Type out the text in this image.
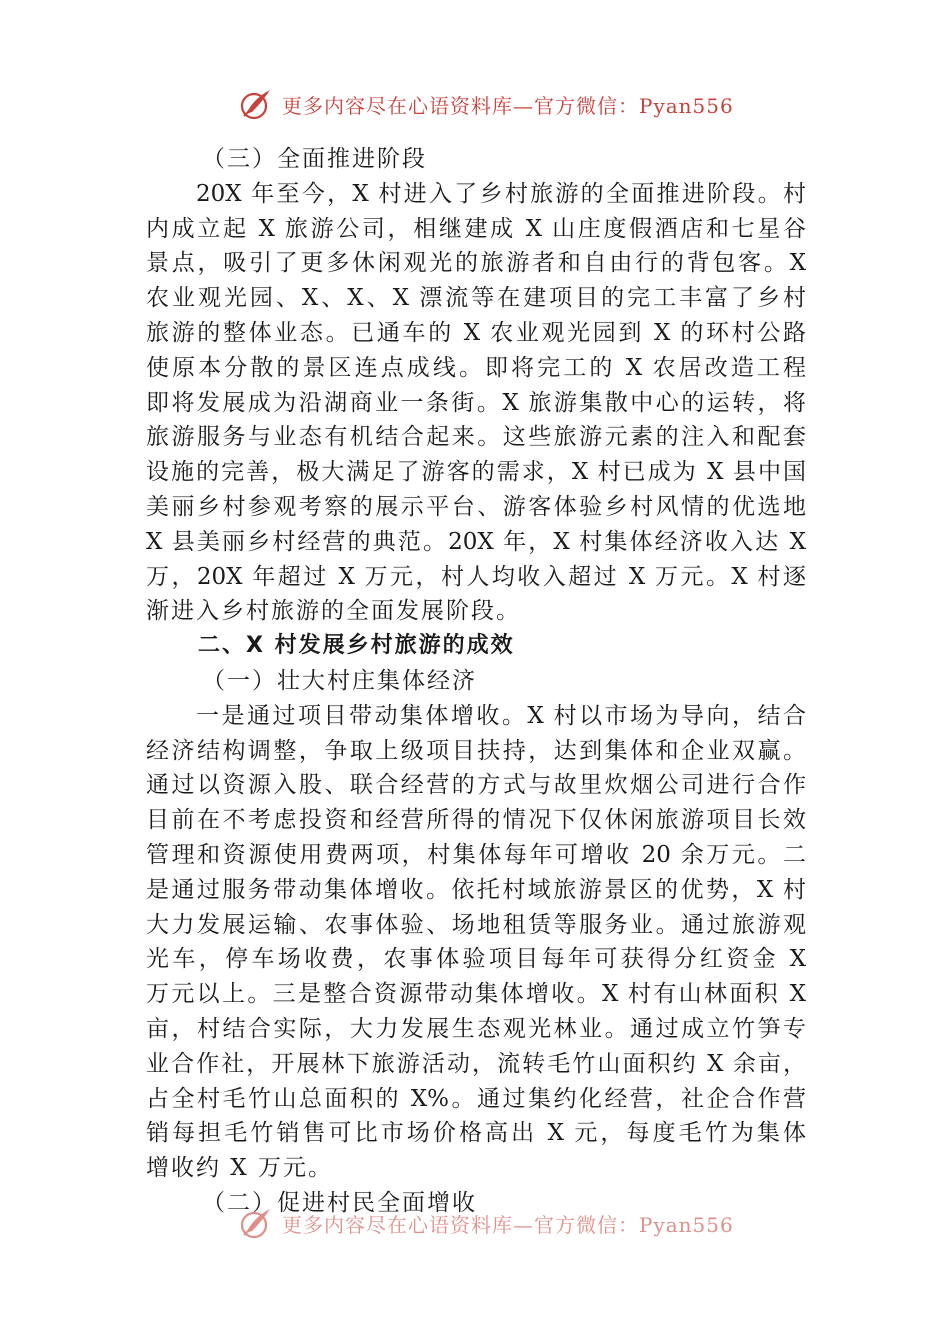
更多内容尽在心语资料库—官方微信：Pyan556
（三）全面推进阶段
20X 年至今，X 村进入了乡村旅游的全面推进阶段。村
内成立起 X 旅游公司，相继建成 X 山庄度假酒店和七星谷
景点，吸引了更多休闲观光的旅游者和自由行的背包客。X
农业观光园、X、X、X 漂流等在建项目的完工丰富了乡村
旅游的整体业态。已通车的 X 农业观光园到 X 的环村公路
使原本分散的景区连点成线。即将完工的 X 农居改造工程
即将发展成为沿湖商业一条街。X 旅游集散中心的运转，将
旅游服务与业态有机结合起来。这些旅游元素的注入和配套
设施的完善，极大满足了游客的需求，X 村已成为 X 县中国
美丽乡村参观考察的展示平台、游客体验乡村风情的优选地
X 县美丽乡村经营的典范。20X 年，X 村集体经济收入达 X
万，20X 年超过 X 万元，村人均收入超过 X 万元。X 村逐
渐进入乡村旅游的全面发展阶段。
二、X 村发展乡村旅游的成效
（一）壮大村庄集体经济
一是通过项目带动集体增收。X 村以市场为导向，结合
经济结构调整，争取上级项目扶持，达到集体和企业双赢。
通过以资源入股、联合经营的方式与故里炊烟公司进行合作
目前在不考虑投资和经营所得的情况下仅休闲旅游项目长效
管理和资源使用费两项，村集体每年可增收 20 余万元。二
是通过服务带动集体增收。依托村域旅游景区的优势，X 村
大力发展运输、农事体验、场地租赁等服务业。通过旅游观
光车，停车场收费，农事体验项目每年可获得分红资金 X
万元以上。三是整合资源带动集体增收。X 村有山林面积 X
亩，村结合实际，大力发展生态观光林业。通过成立竹笋专
业合作社，开展林下旅游活动，流转毛竹山面积约 X 余亩，
占全村毛竹山总面积的 X%。通过集约化经营，社企合作营
销每担毛竹销售可比市场价格高出 X 元，每度毛竹为集体
增收约 X 万元。
（二）促进村民全面增收
更多内容尽在心语资料库—官方微信：Pyan556
